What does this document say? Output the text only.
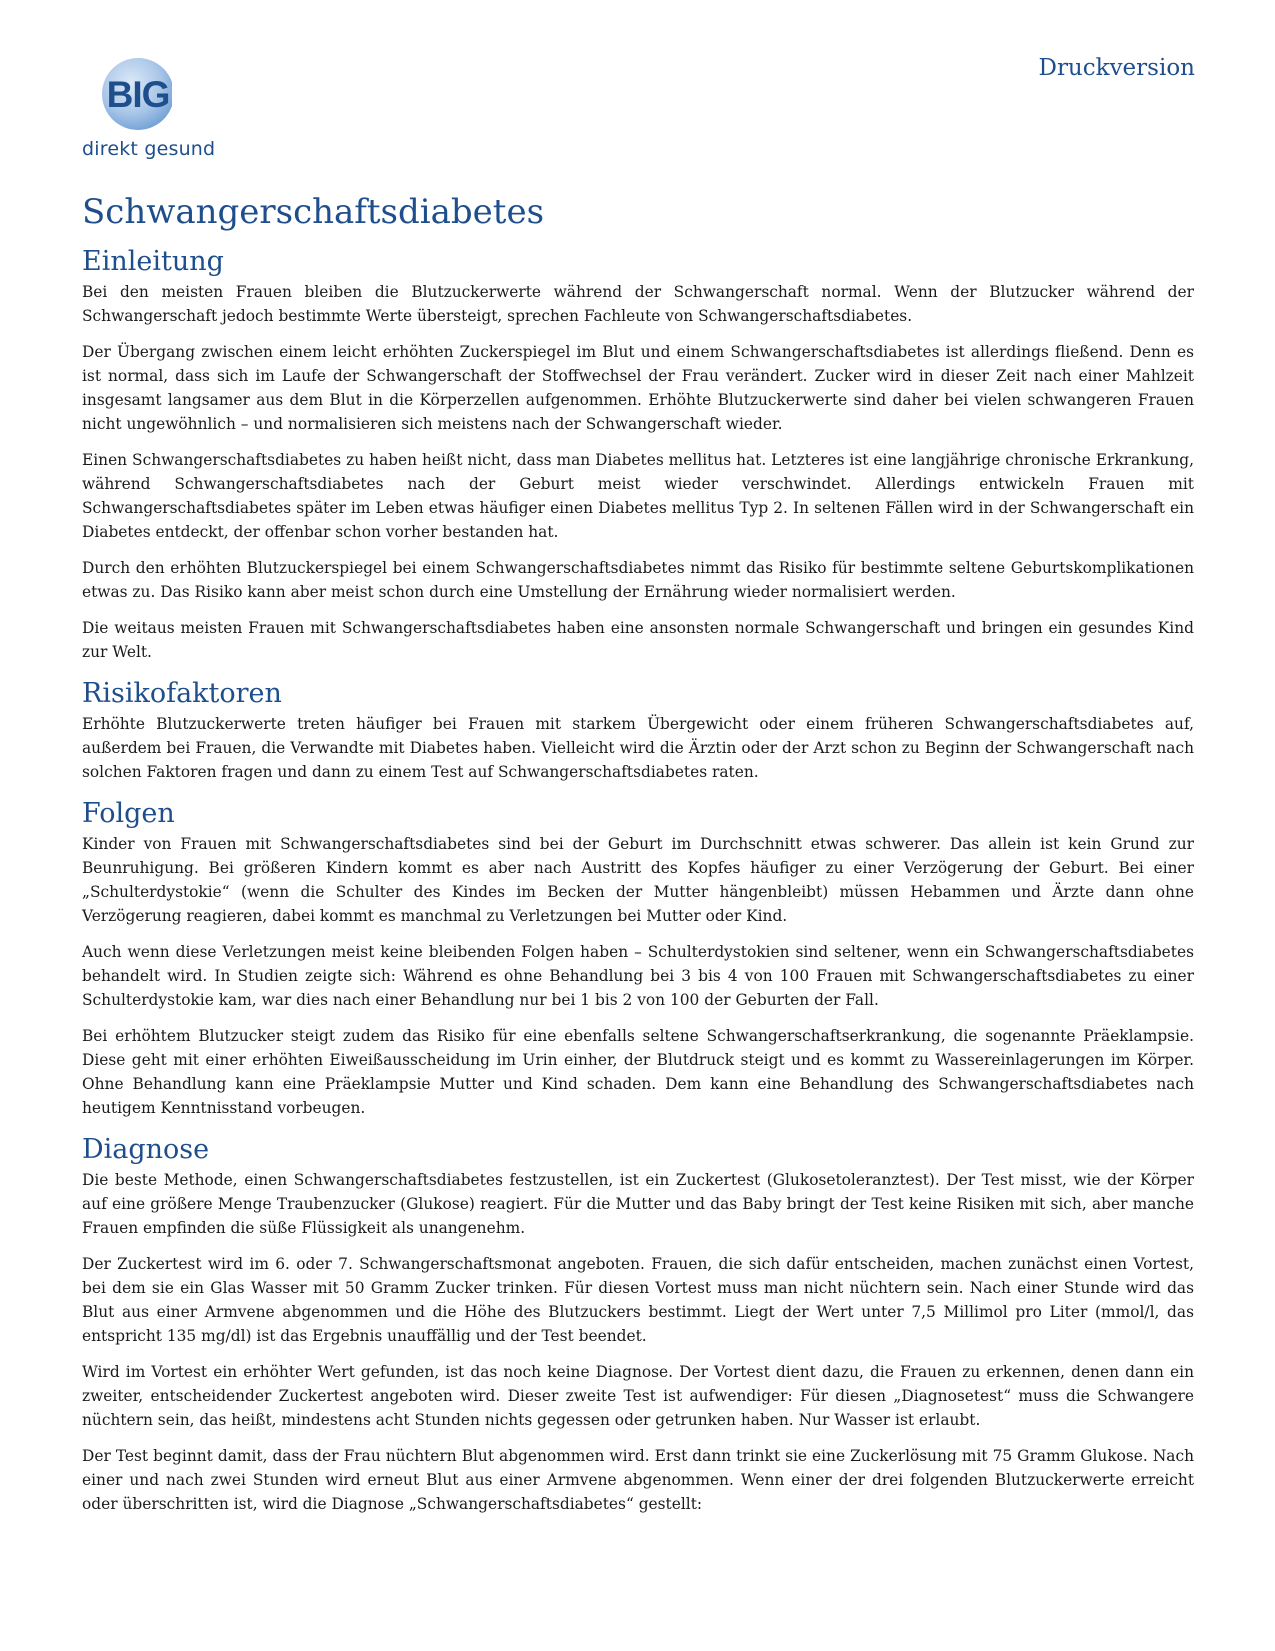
BIG
direkt gesund
Druckversion
Schwangerschaftsdiabetes
Einleitung

Bei den meisten Frauen bleiben die Blutzuckerwerte während der Schwangerschaft normal. Wenn der Blutzucker während der Schwangerschaft jedoch bestimmte Werte übersteigt, sprechen Fachleute von Schwangerschaftsdiabetes.

Der Übergang zwischen einem leicht erhöhten Zuckerspiegel im Blut und einem Schwangerschaftsdiabetes ist allerdings fließend. Denn es ist normal, dass sich im Laufe der Schwangerschaft der Stoffwechsel der Frau verändert. Zucker wird in dieser Zeit nach einer Mahlzeit insgesamt langsamer aus dem Blut in die Körperzellen aufgenommen. Erhöhte Blutzuckerwerte sind daher bei vielen schwangeren Frauen nicht ungewöhnlich – und normalisieren sich meistens nach der Schwangerschaft wieder.

Einen Schwangerschaftsdiabetes zu haben heißt nicht, dass man Diabetes mellitus hat. Letzteres ist eine langjährige chronische Erkrankung, während Schwangerschaftsdiabetes nach der Geburt meist wieder verschwindet. Allerdings entwickeln Frauen mit Schwangerschaftsdiabetes später im Leben etwas häufiger einen Diabetes mellitus Typ 2. In seltenen Fällen wird in der Schwangerschaft ein Diabetes entdeckt, der offenbar schon vorher bestanden hat.

Durch den erhöhten Blutzuckerspiegel bei einem Schwangerschaftsdiabetes nimmt das Risiko für bestimmte seltene Geburtskomplikationen etwas zu. Das Risiko kann aber meist schon durch eine Umstellung der Ernährung wieder normalisiert werden.

Die weitaus meisten Frauen mit Schwangerschaftsdiabetes haben eine ansonsten normale Schwangerschaft und bringen ein gesundes Kind zur Welt.

Risikofaktoren

Erhöhte Blutzuckerwerte treten häufiger bei Frauen mit starkem Übergewicht oder einem früheren Schwangerschaftsdiabetes auf, außerdem bei Frauen, die Verwandte mit Diabetes haben. Vielleicht wird die Ärztin oder der Arzt schon zu Beginn der Schwangerschaft nach solchen Faktoren fragen und dann zu einem Test auf Schwangerschaftsdiabetes raten.

Folgen

Kinder von Frauen mit Schwangerschaftsdiabetes sind bei der Geburt im Durchschnitt etwas schwerer. Das allein ist kein Grund zur Beunruhigung. Bei größeren Kindern kommt es aber nach Austritt des Kopfes häufiger zu einer Verzögerung der Geburt. Bei einer „Schulterdystokie“ (wenn die Schulter des Kindes im Becken der Mutter hängenbleibt) müssen Hebammen und Ärzte dann ohne Verzögerung reagieren, dabei kommt es manchmal zu Verletzungen bei Mutter oder Kind.

Auch wenn diese Verletzungen meist keine bleibenden Folgen haben – Schulterdystokien sind seltener, wenn ein Schwangerschaftsdiabetes behandelt wird. In Studien zeigte sich: Während es ohne Behandlung bei 3 bis 4 von 100 Frauen mit Schwangerschaftsdiabetes zu einer Schulterdystokie kam, war dies nach einer Behandlung nur bei 1 bis 2 von 100 der Geburten der Fall.

Bei erhöhtem Blutzucker steigt zudem das Risiko für eine ebenfalls seltene Schwangerschaftserkrankung, die sogenannte Präeklampsie. Diese geht mit einer erhöhten Eiweißausscheidung im Urin einher, der Blutdruck steigt und es kommt zu Wassereinlagerungen im Körper. Ohne Behandlung kann eine Präeklampsie Mutter und Kind schaden. Dem kann eine Behandlung des Schwangerschaftsdiabetes nach heutigem Kenntnisstand vorbeugen.

Diagnose

Die beste Methode, einen Schwangerschaftsdiabetes festzustellen, ist ein Zuckertest (Glukosetoleranztest). Der Test misst, wie der Körper auf eine größere Menge Traubenzucker (Glukose) reagiert. Für die Mutter und das Baby bringt der Test keine Risiken mit sich, aber manche Frauen empfinden die süße Flüssigkeit als unangenehm.

Der Zuckertest wird im 6. oder 7. Schwangerschaftsmonat angeboten. Frauen, die sich dafür entscheiden, machen zunächst einen Vortest, bei dem sie ein Glas Wasser mit 50 Gramm Zucker trinken. Für diesen Vortest muss man nicht nüchtern sein. Nach einer Stunde wird das Blut aus einer Armvene abgenommen und die Höhe des Blutzuckers bestimmt. Liegt der Wert unter 7,5 Millimol pro Liter (mmol/l, das entspricht 135 mg/dl) ist das Ergebnis unauffällig und der Test beendet.

Wird im Vortest ein erhöhter Wert gefunden, ist das noch keine Diagnose. Der Vortest dient dazu, die Frauen zu erkennen, denen dann ein zweiter, entscheidender Zuckertest angeboten wird. Dieser zweite Test ist aufwendiger: Für diesen „Diagnosetest“ muss die Schwangere nüchtern sein, das heißt, mindestens acht Stunden nichts gegessen oder getrunken haben. Nur Wasser ist erlaubt.

Der Test beginnt damit, dass der Frau nüchtern Blut abgenommen wird. Erst dann trinkt sie eine Zuckerlösung mit 75 Gramm Glukose. Nach einer und nach zwei Stunden wird erneut Blut aus einer Armvene abgenommen. Wenn einer der drei folgenden Blutzuckerwerte erreicht oder überschritten ist, wird die Diagnose „Schwangerschaftsdiabetes“ gestellt:
